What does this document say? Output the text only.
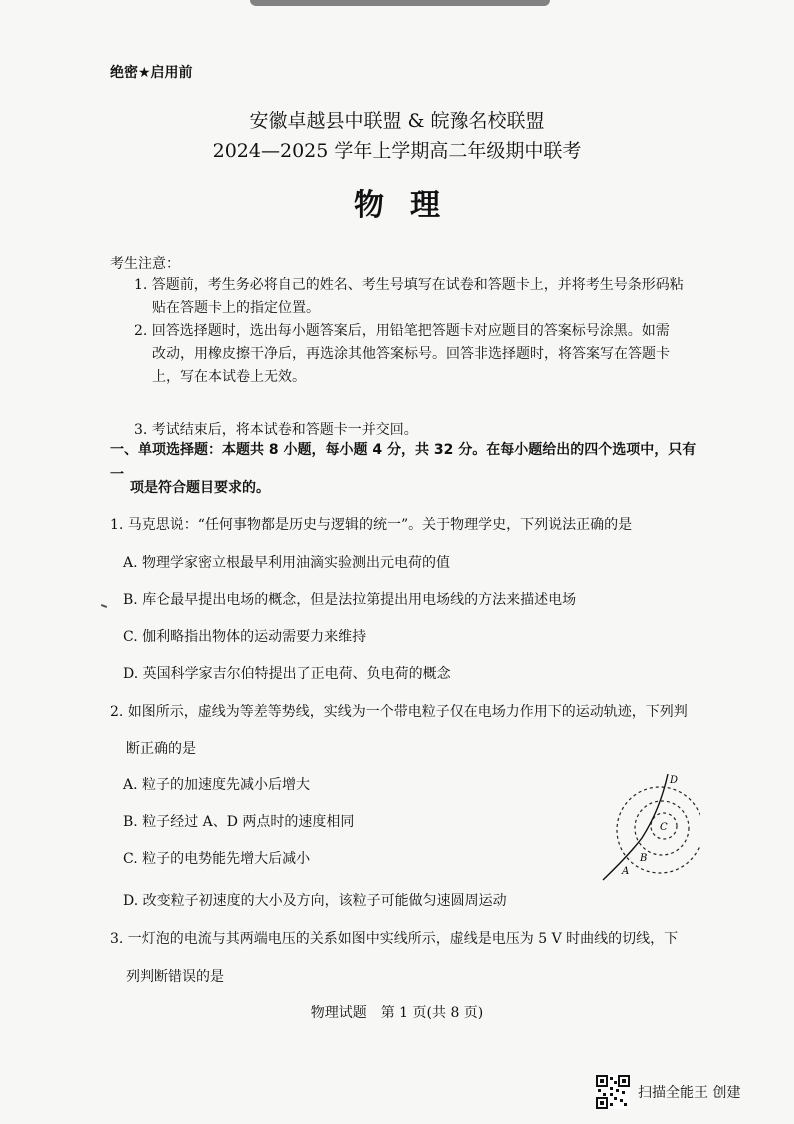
绝密★启用前
安徽卓越县中联盟 & 皖豫名校联盟
2024—2025 学年上学期高二年级期中联考
物理
考生注意：
1. 答题前，考生务必将自己的姓名、考生号填写在试卷和答题卡上，并将考生号条形码粘
贴在答题卡上的指定位置。
2. 回答选择题时，选出每小题答案后，用铅笔把答题卡对应题目的答案标号涂黑。如需
改动，用橡皮擦干净后，再选涂其他答案标号。回答非选择题时，将答案写在答题卡
上，写在本试卷上无效。
3. 考试结束后，将本试卷和答题卡一并交回。
一、单项选择题：本题共 8 小题，每小题 4 分，共 32 分。在每小题给出的四个选项中，只有一
项是符合题目要求的。
1. 马克思说：“任何事物都是历史与逻辑的统一”。关于物理学史，下列说法正确的是
A. 物理学家密立根最早利用油滴实验测出元电荷的值
B. 库仑最早提出电场的概念，但是法拉第提出用电场线的方法来描述电场
C. 伽利略指出物体的运动需要力来维持
D. 英国科学家吉尔伯特提出了正电荷、负电荷的概念
2. 如图所示，虚线为等差等势线，实线为一个带电粒子仅在电场力作用下的运动轨迹，下列判
断正确的是
A. 粒子的加速度先减小后增大
B. 粒子经过 A、D 两点时的速度相同
C. 粒子的电势能先增大后减小
D. 改变粒子初速度的大小及方向，该粒子可能做匀速圆周运动
D
C
B
A
3. 一灯泡的电流与其两端电压的关系如图中实线所示，虚线是电压为 5 V 时曲线的切线，下
列判断错误的是
物理试题　第 1 页(共 8 页)
扫描全能王 创建
